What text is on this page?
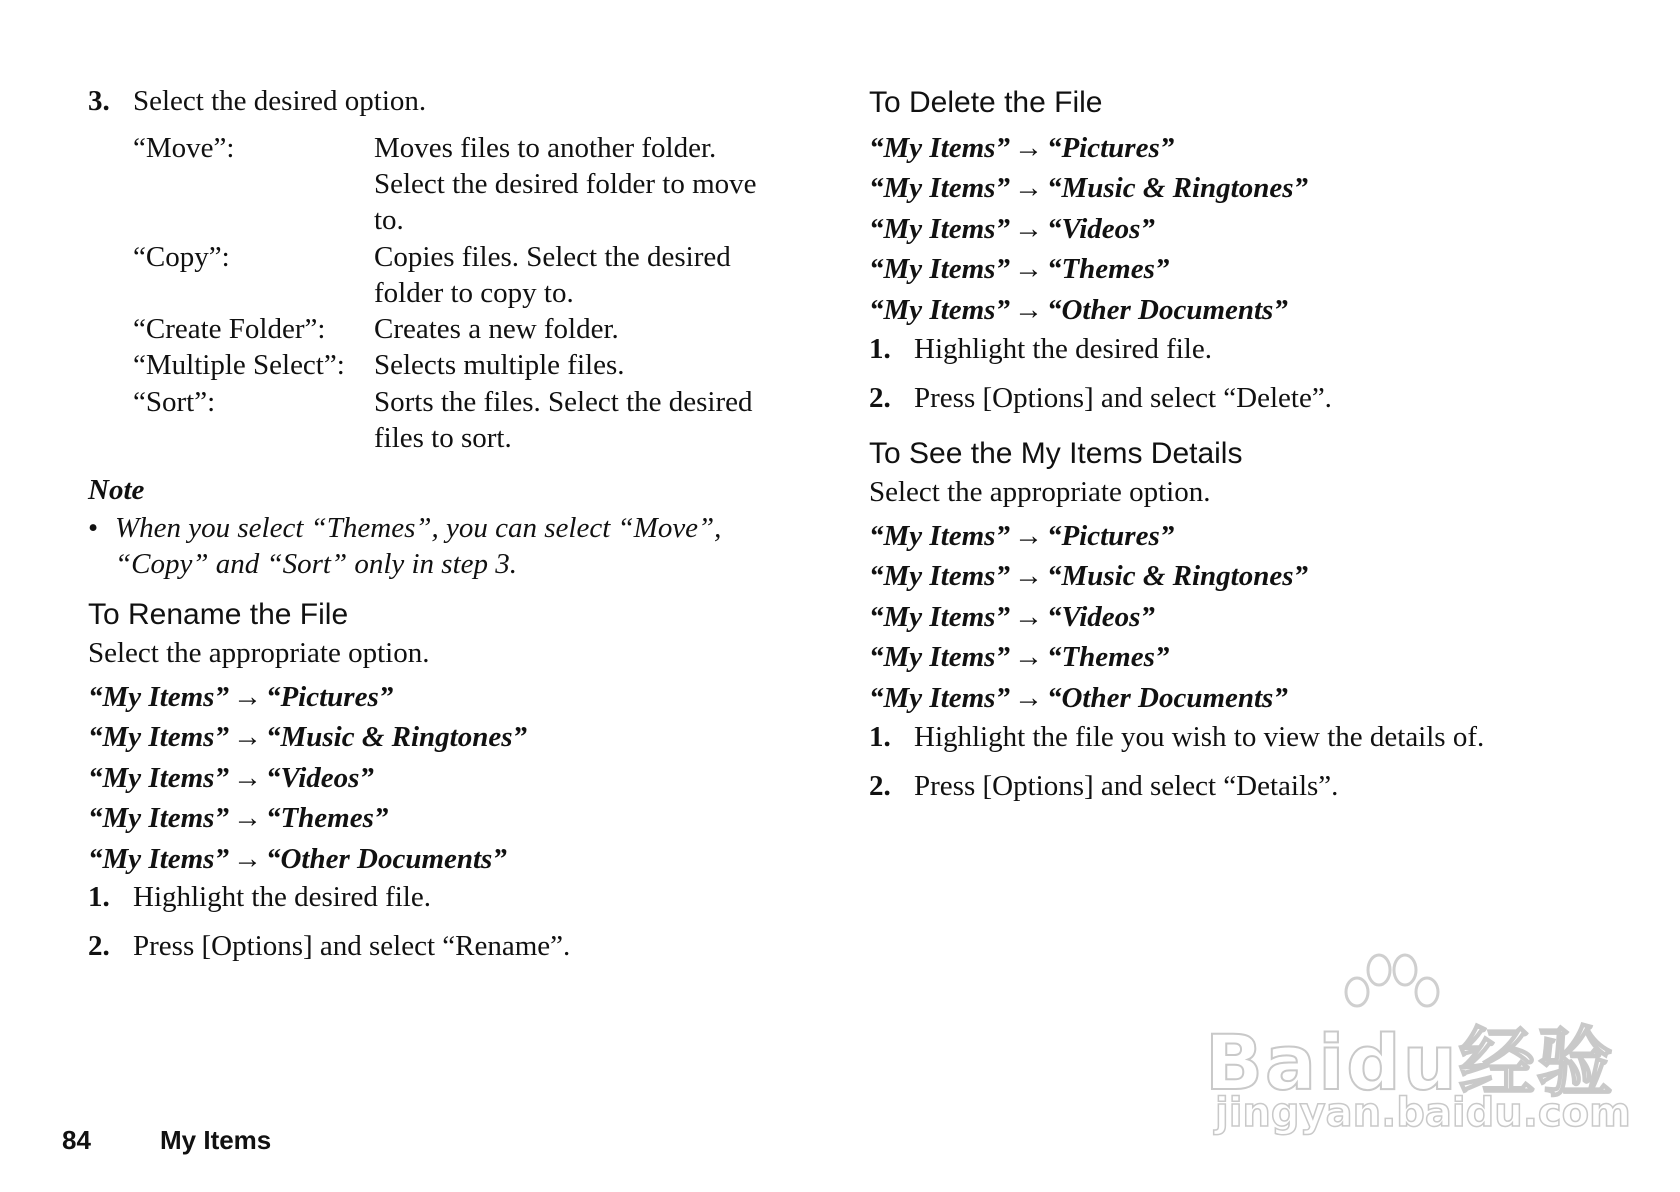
3. Select the desired option.
“Move”:	Moves files to another folder.
Select the desired folder to move
to.
“Copy”:	Copies files. Select the desired
folder to copy to.
“Create Folder”: Creates a new folder.
“Multiple Select”: Selects multiple files.
“Sort”:	Sorts the files. Select the desired
files to sort.
Note
• When you select “Themes”, you can select “Move”,
“Copy” and “Sort” only in step 3.
To Rename the File
Select the appropriate option.
“My Items” → “Pictures”
“My Items” → “Music & Ringtones”
“My Items” → “Videos”
“My Items” → “Themes”
“My Items” → “Other Documents”
1. Highlight the desired file.
2. Press [Options] and select “Rename”.
To Delete the File
“My Items” → “Pictures”
“My Items” → “Music & Ringtones”
“My Items” → “Videos”
“My Items” → “Themes”
“My Items” → “Other Documents”
1. Highlight the desired file.
2. Press [Options] and select “Delete”.
To See the My Items Details
Select the appropriate option.
“My Items” → “Pictures”
“My Items” → “Music & Ringtones”
“My Items” → “Videos”
“My Items” → “Themes”
“My Items” → “Other Documents”
1. Highlight the file you wish to view the details of.
2. Press [Options] and select “Details”.
Baidu经验
jingyan.baidu.com
84	My Items
